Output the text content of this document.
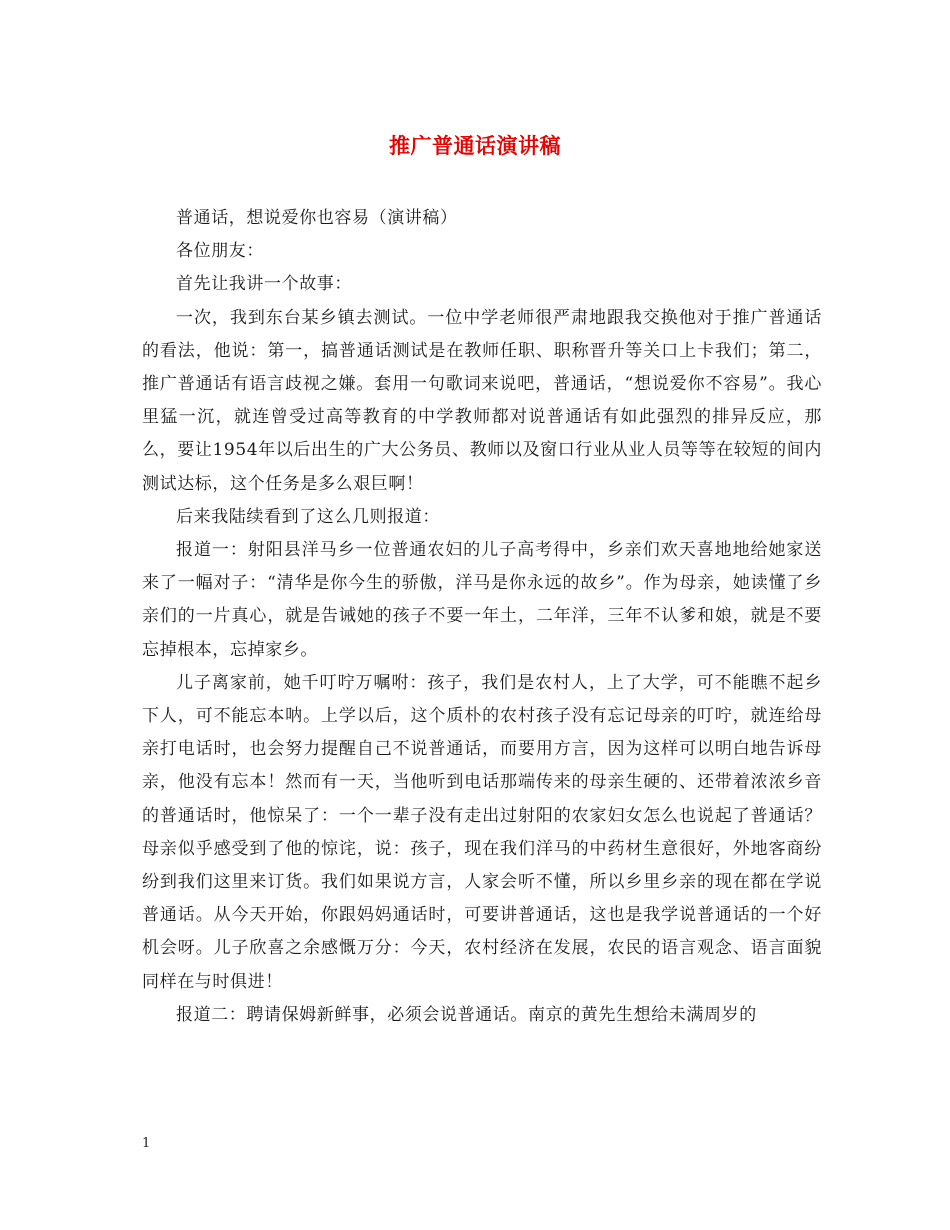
推广普通话演讲稿

普通话，想说爱你也容易（演讲稿）

各位朋友：

首先让我讲一个故事：

一次，我到东台某乡镇去测试。一位中学老师很严肃地跟我交换他对于推广普通话的看法，他说：第一，搞普通话测试是在教师任职、职称晋升等关口上卡我们；第二，推广普通话有语言歧视之嫌。套用一句歌词来说吧，普通话，“想说爱你不容易”。我心里猛一沉，就连曾受过高等教育的中学教师都对说普通话有如此强烈的排异反应，那么，要让1954年以后出生的广大公务员、教师以及窗口行业从业人员等等在较短的间内测试达标，这个任务是多么艰巨啊！

后来我陆续看到了这么几则报道：

报道一：射阳县洋马乡一位普通农妇的儿子高考得中，乡亲们欢天喜地地给她家送来了一幅对子：“清华是你今生的骄傲，洋马是你永远的故乡”。作为母亲，她读懂了乡亲们的一片真心，就是告诫她的孩子不要一年土，二年洋，三年不认爹和娘，就是不要忘掉根本，忘掉家乡。

儿子离家前，她千叮咛万嘱咐：孩子，我们是农村人，上了大学，可不能瞧不起乡下人，可不能忘本呐。上学以后，这个质朴的农村孩子没有忘记母亲的叮咛，就连给母亲打电话时，也会努力提醒自己不说普通话，而要用方言，因为这样可以明白地告诉母亲，他没有忘本！然而有一天，当他听到电话那端传来的母亲生硬的、还带着浓浓乡音的普通话时，他惊呆了：一个一辈子没有走出过射阳的农家妇女怎么也说起了普通话？母亲似乎感受到了他的惊诧，说：孩子，现在我们洋马的中药材生意很好，外地客商纷纷到我们这里来订货。我们如果说方言，人家会听不懂，所以乡里乡亲的现在都在学说普通话。从今天开始，你跟妈妈通话时，可要讲普通话，这也是我学说普通话的一个好机会呀。儿子欣喜之余感慨万分：今天，农村经济在发展，农民的语言观念、语言面貌同样在与时俱进！

报道二：聘请保姆新鲜事，必须会说普通话。南京的黄先生想给未满周岁的

1
